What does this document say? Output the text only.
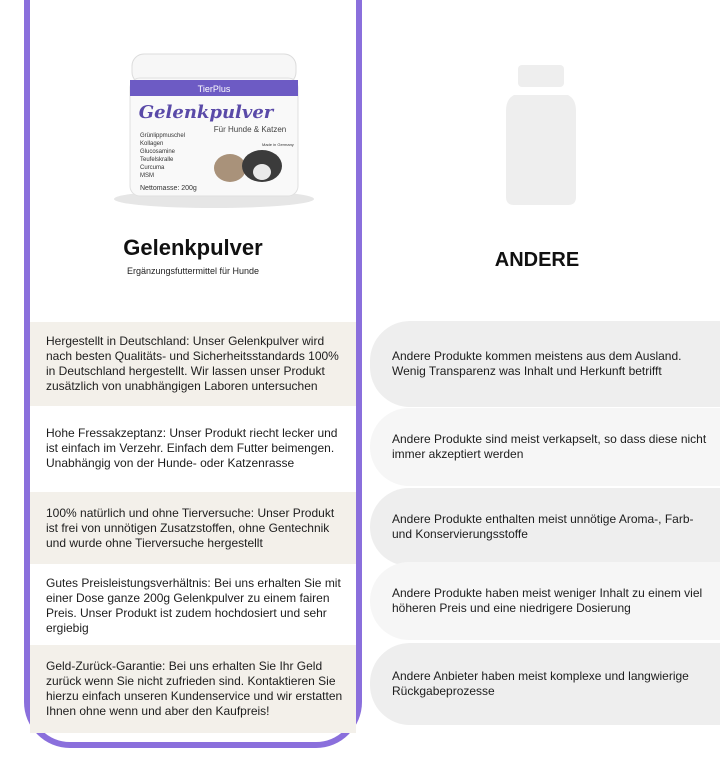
TierPlus
Gelenkpulver
Für Hunde & Katzen
Grünlippmuschel
Kollagen
Glucosamine
Teufelskralle
Curcuma
MSM
Made in Germany
Nettomasse: 200g
Gelenkpulver
Ergänzungsfuttermittel für Hunde	ANDERE
Hergestellt in Deutschland: Unser Gelenkpulver wird nach besten Qualitäts- und Sicherheitsstandards 100% in Deutschland hergestellt. Wir lassen unser Produkt zusätzlich von unabhängigen Laboren untersuchen
Hohe Fressakzeptanz: Unser Produkt riecht lecker und ist einfach im Verzehr. Einfach dem Futter beimengen. Unabhängig von der Hunde- oder Katzenrasse
100% natürlich und ohne Tierversuche: Unser Produkt ist frei von unnötigen Zusatzstoffen, ohne Gentechnik und wurde ohne Tierversuche hergestellt
Gutes Preisleistungsverhältnis: Bei uns erhalten Sie mit einer Dose ganze 200g Gelenkpulver zu einem fairen Preis. Unser Produkt ist zudem hochdosiert und sehr ergiebig
Geld-Zurück-Garantie: Bei uns erhalten Sie Ihr Geld zurück wenn Sie nicht zufrieden sind. Kontaktieren Sie hierzu einfach unseren Kundenservice und wir erstatten Ihnen ohne wenn und aber den Kaufpreis!
Andere Produkte kommen meistens aus dem Ausland. Wenig Transparenz was Inhalt und Herkunft betrifft
Andere Produkte sind meist verkapselt, so dass diese nicht immer akzeptiert werden
Andere Produkte enthalten meist unnötige Aroma-, Farb- und Konservierungsstoffe
Andere Produkte haben meist weniger Inhalt zu einem viel höheren Preis und eine niedrigere Dosierung
Andere Anbieter haben meist komplexe und langwierige Rückgabeprozesse
